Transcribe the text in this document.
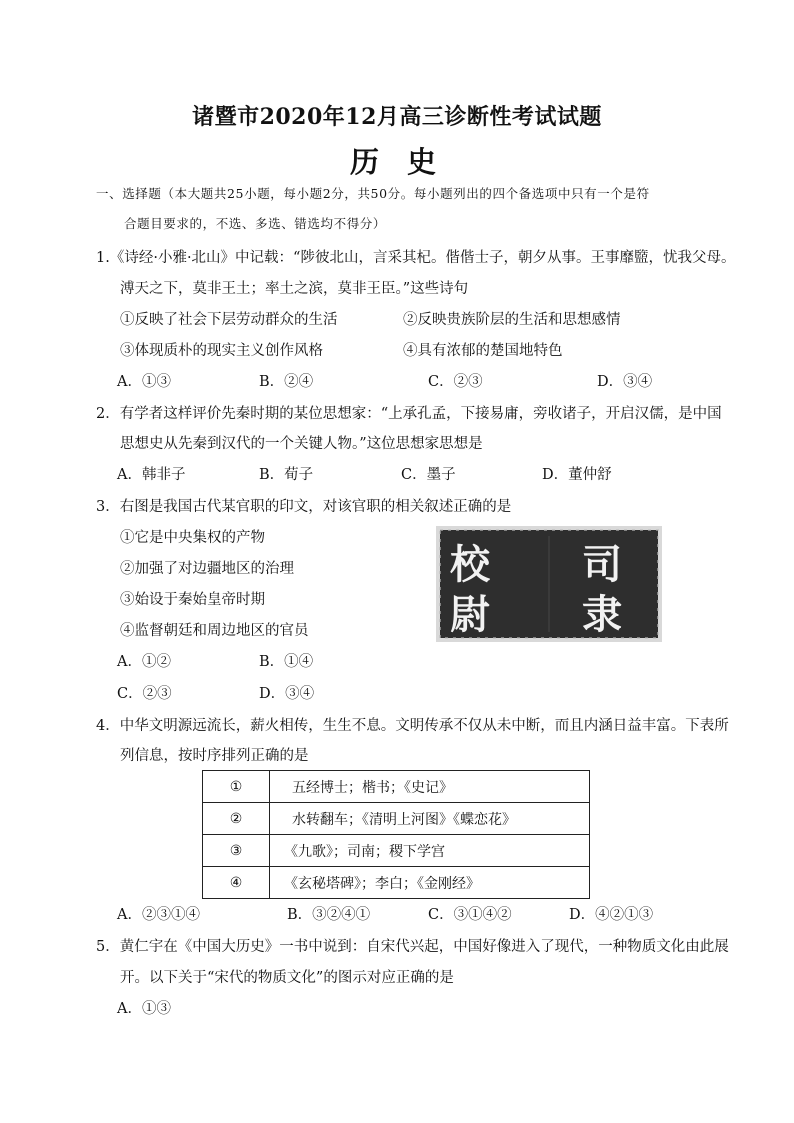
诸暨市2020年12月高三诊断性考试试题
历史
一、选择题（本大题共25小题，每小题2分，共50分。每小题列出的四个备选项中只有一个是符
合题目要求的，不选、多选、错选均不得分）
1.《诗经·小雅·北山》中记载：“陟彼北山，言采其杞。偕偕士子，朝夕从事。王事靡盬，忧我父母。
溥天之下，莫非王土；率土之滨，莫非王臣。”这些诗句
①反映了社会下层劳动群众的生活	②反映贵族阶层的生活和思想感情
③体现质朴的现实主义创作风格	④具有浓郁的楚国地特色
A．①③	B．②④	C．②③	D．③④
2．有学者这样评价先秦时期的某位思想家：“上承孔孟，下接易庸，旁收诸子，开启汉儒，是中国
思想史从先秦到汉代的一个关键人物。”这位思想家思想是
A．韩非子	B．荀子	C．墨子	D．董仲舒
3．右图是我国古代某官职的印文，对该官职的相关叙述正确的是
①它是中央集权的产物
②加强了对边疆地区的治理
③始设于秦始皇帝时期
④监督朝廷和周边地区的官员
A．①②	B．①④
C．②③	D．③④
校
尉
司
隶
4．中华文明源远流长，薪火相传，生生不息。文明传承不仅从未中断，而且内涵日益丰富。下表所
列信息，按时序排列正确的是
①	五经博士；楷书；《史记》
②	水转翻车；《清明上河图》《蝶恋花》
③	《九歌》；司南；稷下学宫
④	《玄秘塔碑》；李白；《金刚经》
A．②③①④	B．③②④①	C．③①④②	D．④②①③
5．黄仁宇在《中国大历史》一书中说到：自宋代兴起，中国好像进入了现代，一种物质文化由此展
开。以下关于“宋代的物质文化”的图示对应正确的是
A．①③
